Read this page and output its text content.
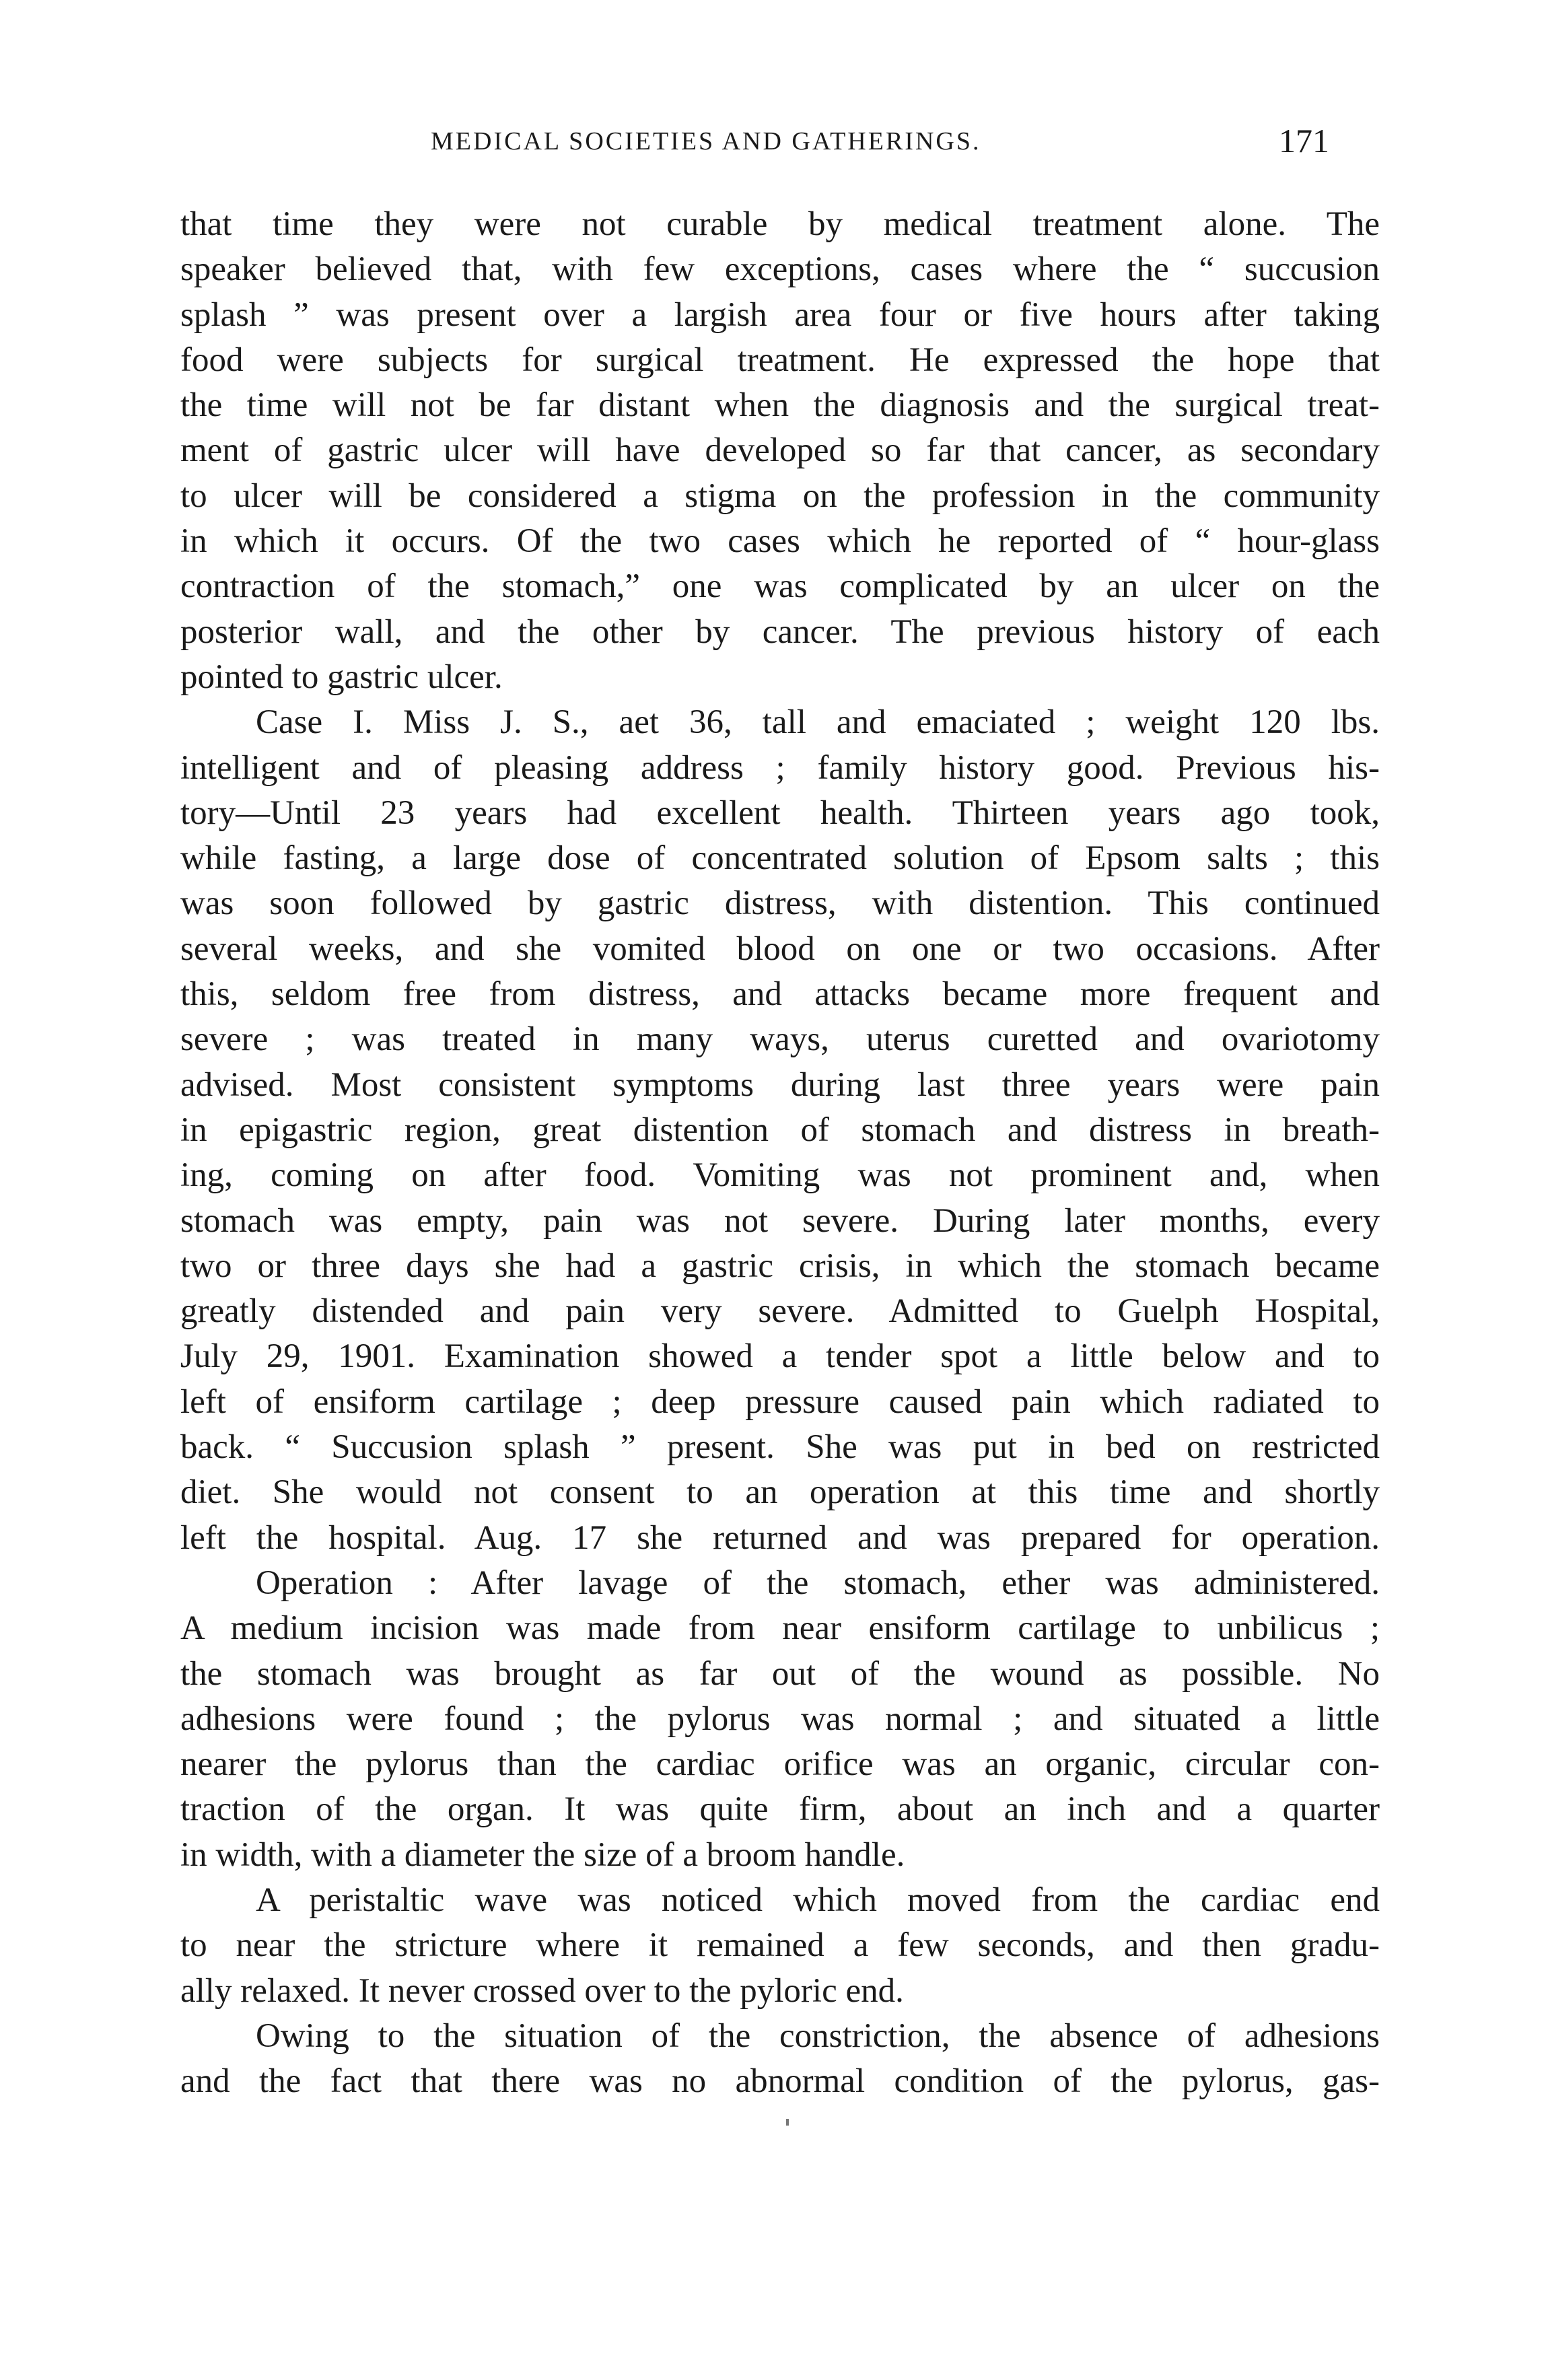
MEDICAL SOCIETIES AND GATHERINGS.	171
that time they were not curable by medical treatment alone. The
speaker believed that, with few exceptions, cases where the “ succusion
splash ” was present over a largish area four or five hours after taking
food were subjects for surgical treatment. He expressed the hope that
the time will not be far distant when the diagnosis and the surgical treat-
ment of gastric ulcer will have developed so far that cancer, as secondary
to ulcer will be considered a stigma on the profession in the community
in which it occurs. Of the two cases which he reported of “ hour-glass
contraction of the stomach,” one was complicated by an ulcer on the
posterior wall, and the other by cancer. The previous history of each
pointed to gastric ulcer.
Case I. Miss J. S., aet 36, tall and emaciated ; weight 120 lbs.
intelligent and of pleasing address ; family history good. Previous his-
tory—Until 23 years had excellent health. Thirteen years ago took,
while fasting, a large dose of concentrated solution of Epsom salts ; this
was soon followed by gastric distress, with distention. This continued
several weeks, and she vomited blood on one or two occasions. After
this, seldom free from distress, and attacks became more frequent and
severe ; was treated in many ways, uterus curetted and ovariotomy
advised. Most consistent symptoms during last three years were pain
in epigastric region, great distention of stomach and distress in breath-
ing, coming on after food. Vomiting was not prominent and, when
stomach was empty, pain was not severe. During later months, every
two or three days she had a gastric crisis, in which the stomach became
greatly distended and pain very severe. Admitted to Guelph Hospital,
July 29, 1901. Examination showed a tender spot a little below and to
left of ensiform cartilage ; deep pressure caused pain which radiated to
back. “ Succusion splash ” present. She was put in bed on restricted
diet. She would not consent to an operation at this time and shortly
left the hospital. Aug. 17 she returned and was prepared for operation.
Operation : After lavage of the stomach, ether was administered.
A medium incision was made from near ensiform cartilage to unbilicus ;
the stomach was brought as far out of the wound as possible. No
adhesions were found ; the pylorus was normal ; and situated a little
nearer the pylorus than the cardiac orifice was an organic, circular con-
traction of the organ. It was quite firm, about an inch and a quarter
in width, with a diameter the size of a broom handle.
A peristaltic wave was noticed which moved from the cardiac end
to near the stricture where it remained a few seconds, and then gradu-
ally relaxed. It never crossed over to the pyloric end.
Owing to the situation of the constriction, the absence of adhesions
and the fact that there was no abnormal condition of the pylorus, gas-
